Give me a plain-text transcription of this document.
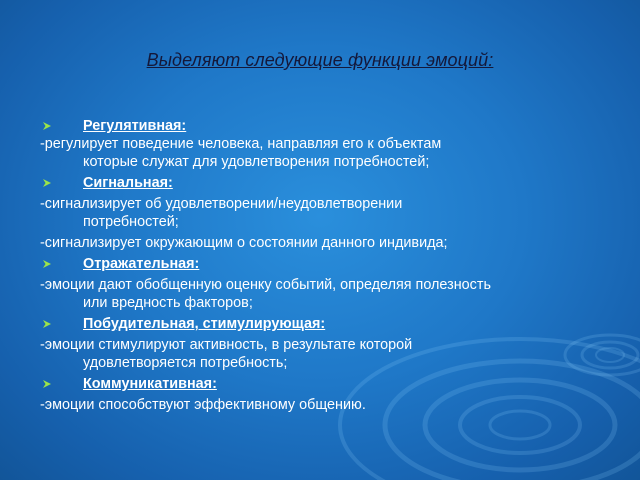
Выделяют следующие функции эмоций:
Регулятивная:
-регулирует поведение человека, направляя его к объектам
которые служат для удовлетворения потребностей;
Сигнальная:
-сигнализирует об удовлетворении/неудовлетворении
потребностей;
-сигнализирует окружающим о состоянии данного индивида;
Отражательная:
-эмоции дают обобщенную оценку событий, определяя полезность
или вредность факторов;
Побудительная, стимулирующая:
-эмоции стимулируют активность, в результате которой
удовлетворяется потребность;
Коммуникативная:
-эмоции способствуют эффективному общению.
